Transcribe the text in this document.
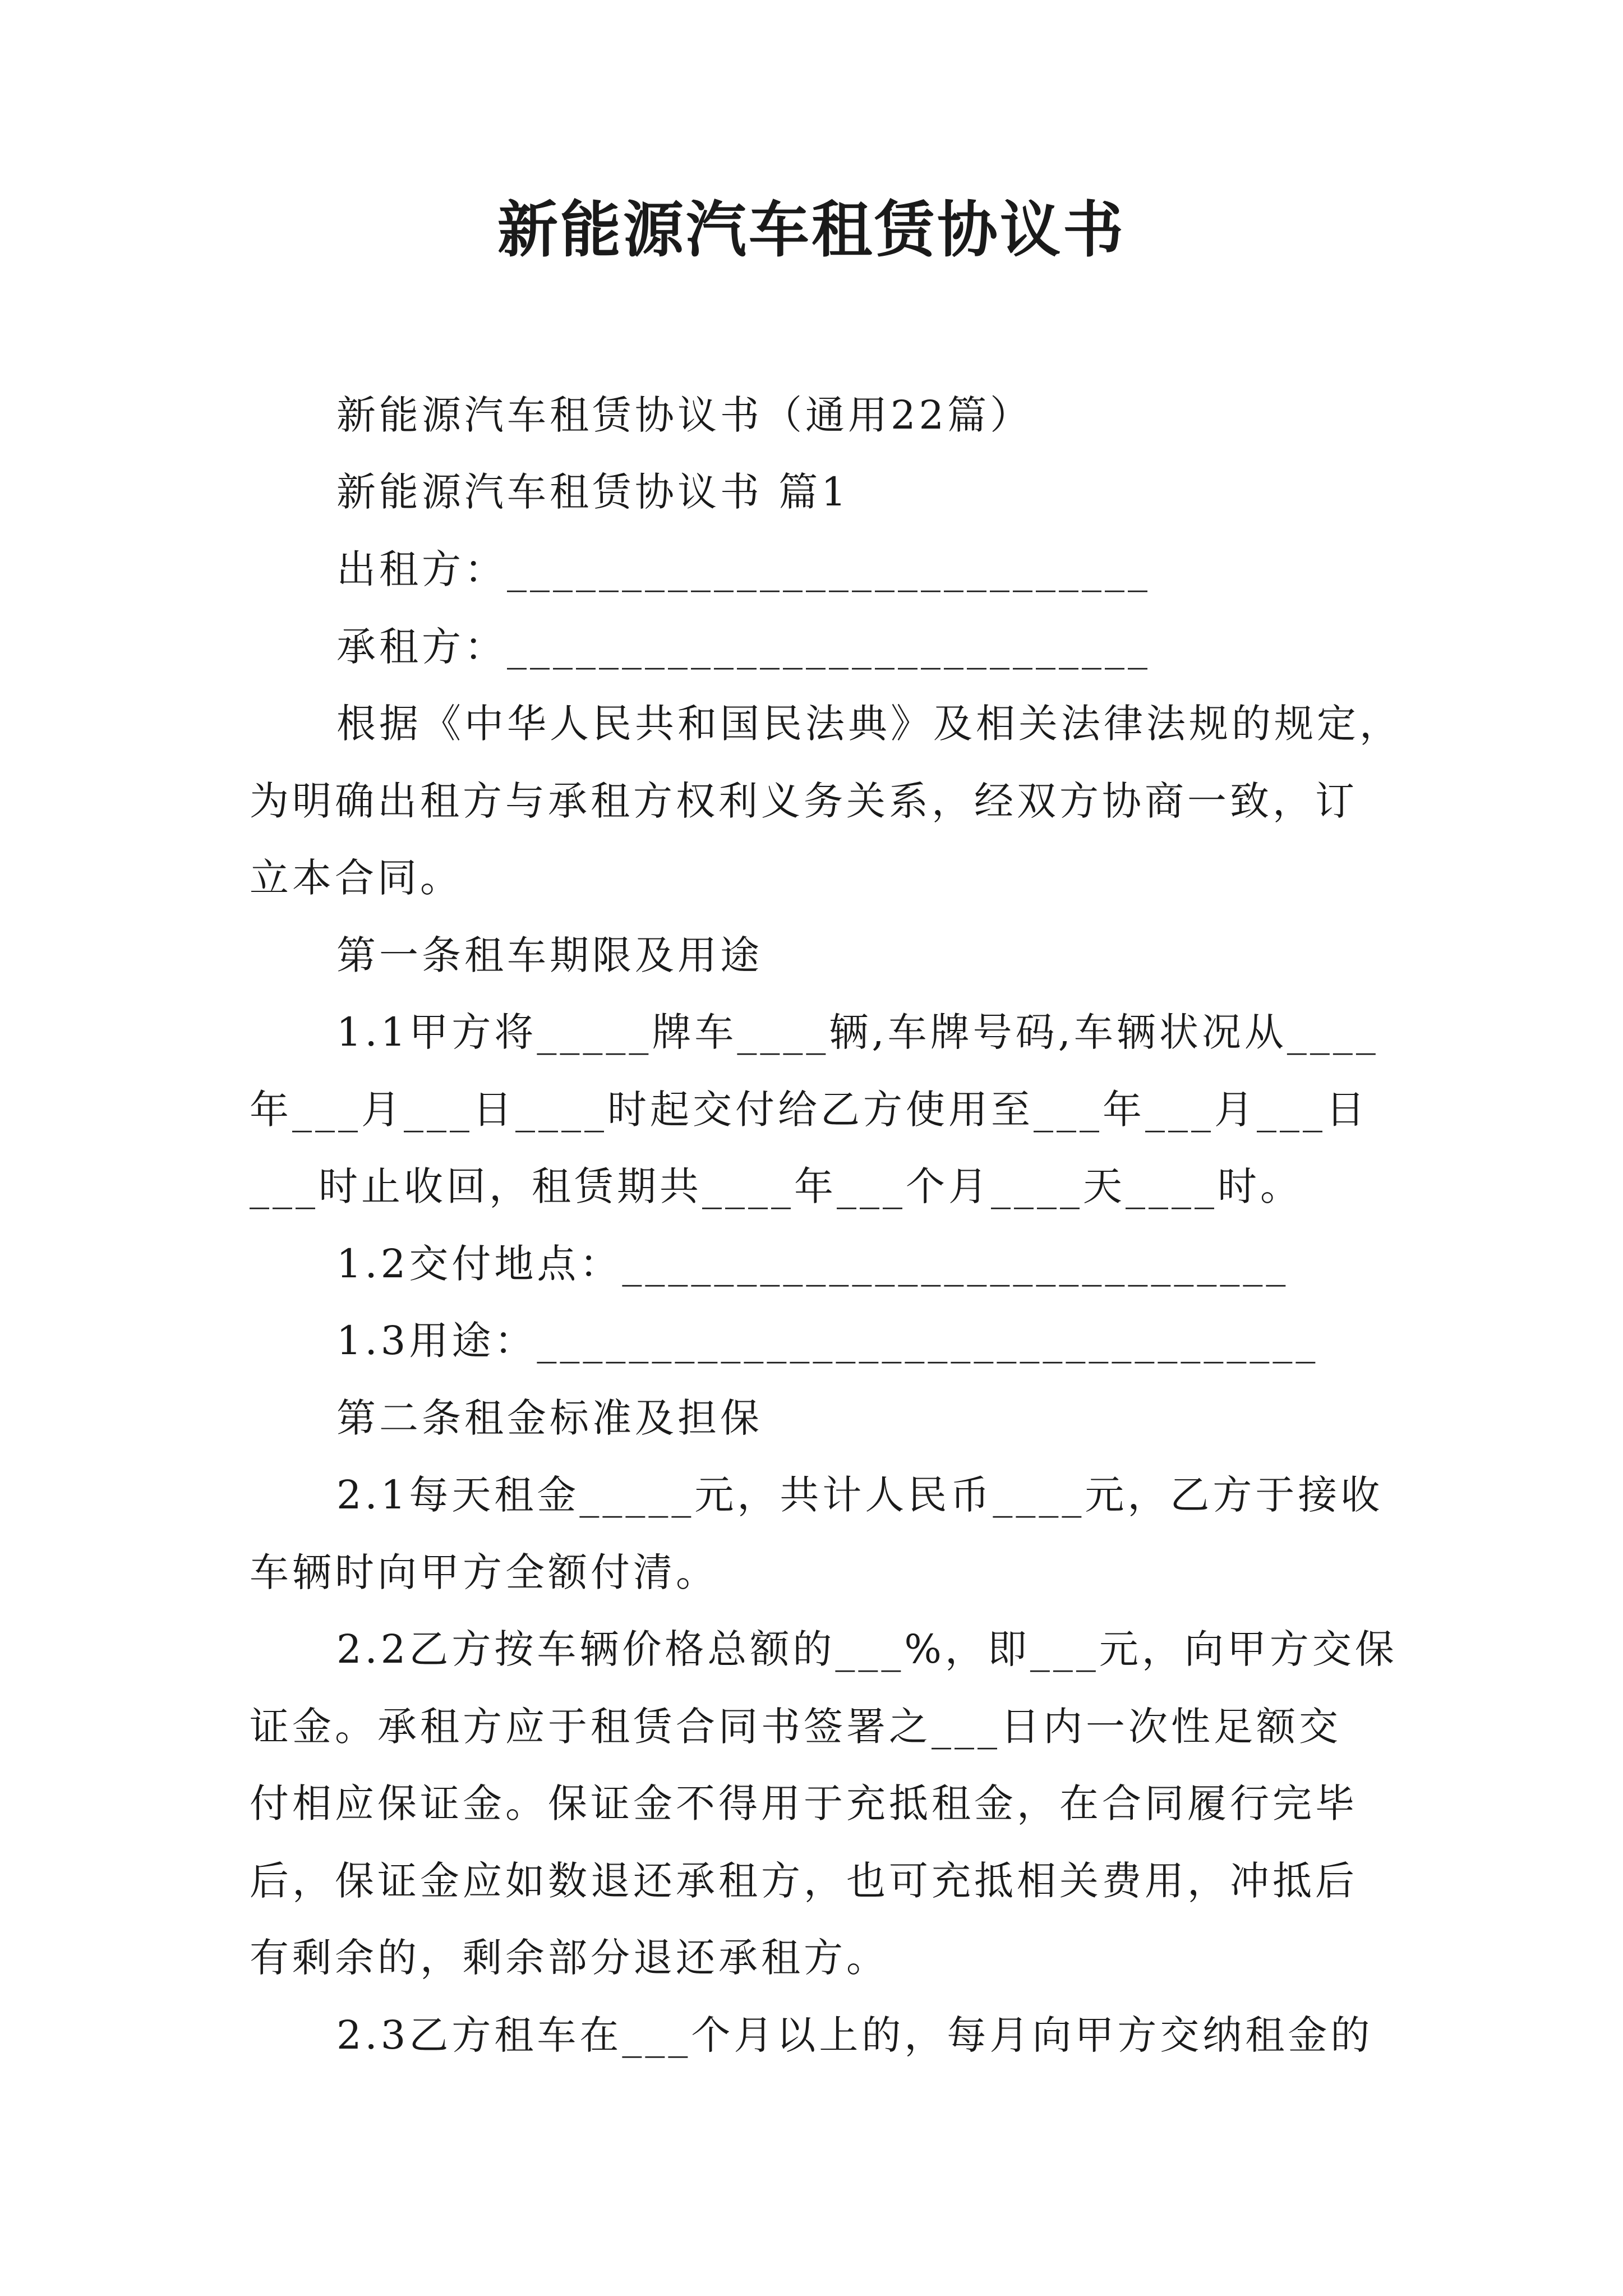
新能源汽车租赁协议书
新能源汽车租赁协议书（通用22篇）
新能源汽车租赁协议书 篇1
出租方：____________________________
承租方：____________________________
根据《中华人民共和国民法典》及相关法律法规的规定，
为明确出租方与承租方权利义务关系，经双方协商一致，订
立本合同。
第一条租车期限及用途
1.1甲方将_____牌车____辆,车牌号码,车辆状况从____
年___月___日____时起交付给乙方使用至___年___月___日
___时止收回，租赁期共____年___个月____天____时。
1.2交付地点：_____________________________
1.3用途：__________________________________
第二条租金标准及担保
2.1每天租金_____元，共计人民币____元，乙方于接收
车辆时向甲方全额付清。
2.2乙方按车辆价格总额的___%，即___元，向甲方交保
证金。承租方应于租赁合同书签署之___日内一次性足额交
付相应保证金。保证金不得用于充抵租金，在合同履行完毕
后，保证金应如数退还承租方，也可充抵相关费用，冲抵后
有剩余的，剩余部分退还承租方。
2.3乙方租车在___个月以上的，每月向甲方交纳租金的
